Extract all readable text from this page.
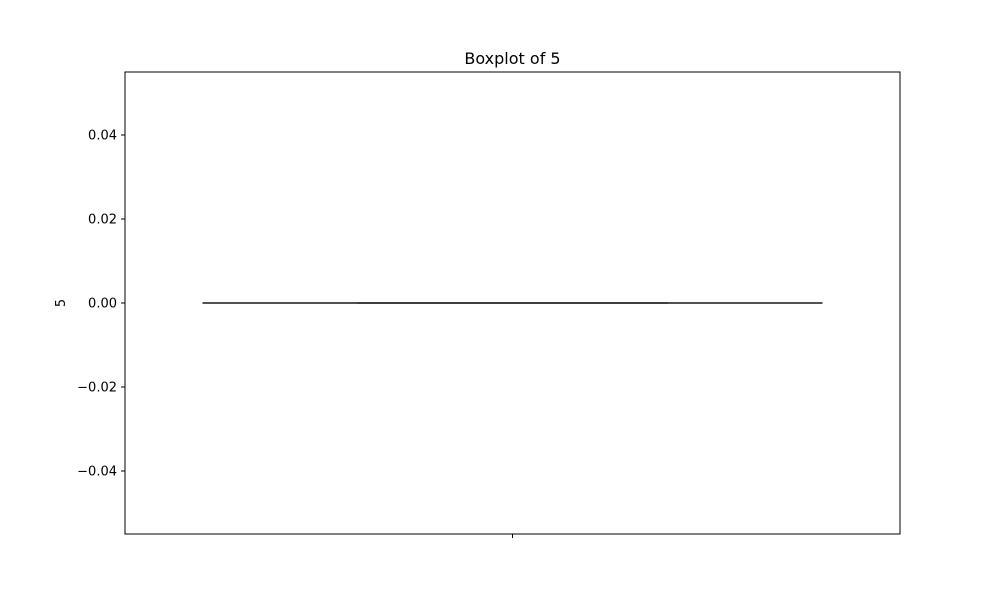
Boxplot of 5
0.04
0.02
0.00
−0.02
−0.04
5
